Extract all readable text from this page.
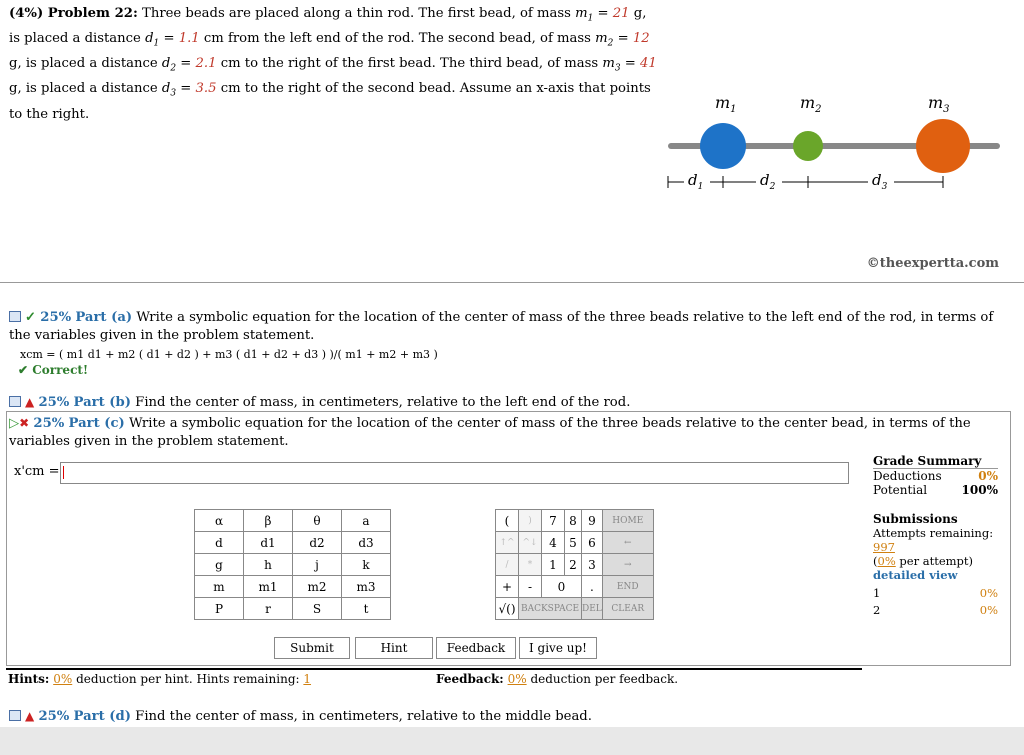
(4%) Problem 22: Three beads are placed along a thin rod. The first bead, of mass $m_1 = 21$ g, is placed a distance $d_1 = 1.1$ cm from the left end of the rod. The second bead, of mass $m_2 = 12$ g, is placed a distance $d_2 = 2.1$ cm to the right of the first bead. The third bead, of mass $m_3 = 41$ g, is placed a distance $d_3 = 3.5$ cm to the right of the second bead. Assume an x-axis that points to the right.
$m_1$	$m_2$	$m_3$
$d_1$	$d_2$	$d_3$
©theexpertta.com
✓ 25% Part (a) Write a symbolic equation for the location of the center of mass of the three beads relative to the left end of the rod, in terms of the variables given in the problem statement.
xcm = ( m1 d1 + m2 ( d1 + d2 ) + m3 ( d1 + d2 + d3 ) )/( m1 + m2 + m3 )
✔ Correct!
▲ 25% Part (b) Find the center of mass, in centimeters, relative to the left end of the rod.
▷✖ 25% Part (c) Write a symbolic equation for the location of the center of mass of the three beads relative to the center bead, in terms of the variables given in the problem statement.
x'cm =
α	β	θ	a
d	d1	d2	d3
g	h	j	k
m	m1	m2	m3
P	r	S	t
(	)	7	8	9	HOME
↑^	^↓	4	5	6	←
/	*	1	2	3	→
+	-	0		.	END
√()	BACKSPACE			DEL	CLEAR
Submit	Hint	Feedback	I give up!
Hints: 0% deduction per hint. Hints remaining: 1	Feedback: 0% deduction per feedback.
Grade Summary
Deductions	0%
Potential	100%
Submissions
Attempts remaining: 997
(0% per attempt)
detailed view
1	0%
2	0%
▲ 25% Part (d) Find the center of mass, in centimeters, relative to the middle bead.
